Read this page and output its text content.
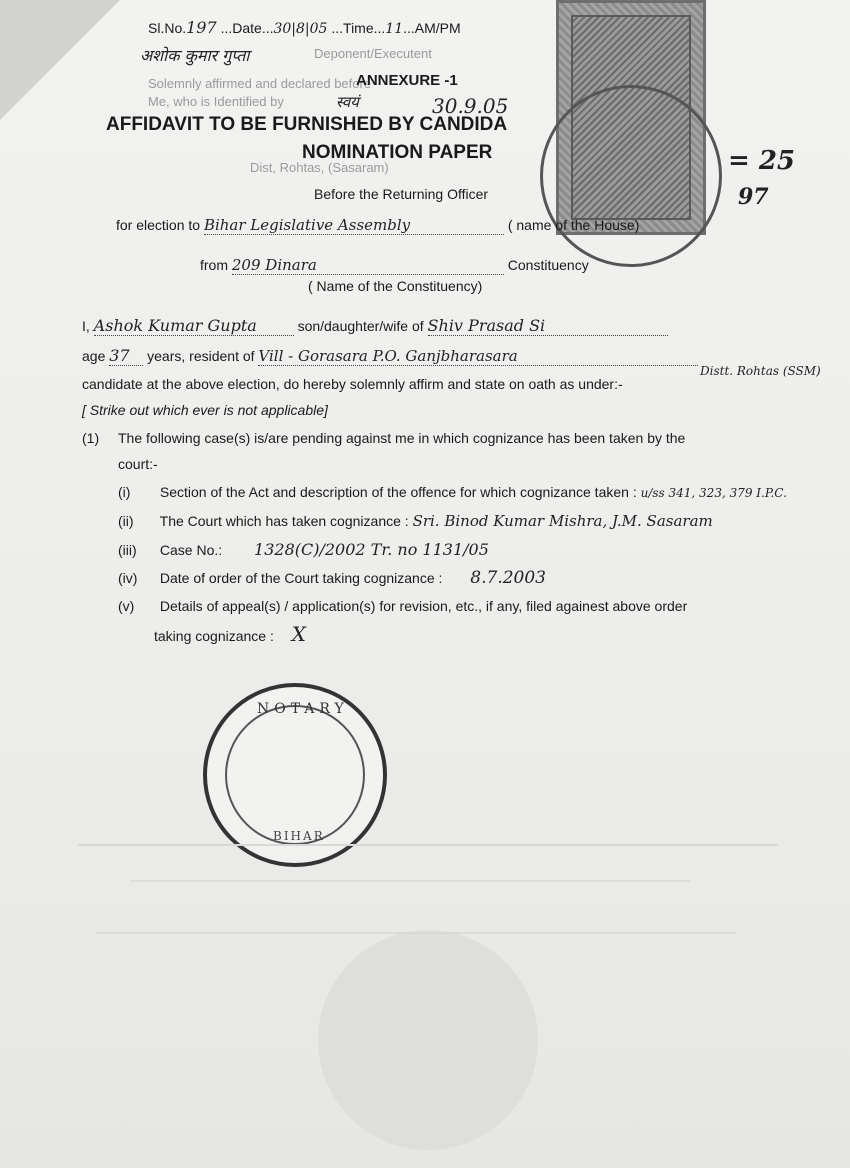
Sl.No.197 ...Date...30|8|05 ...Time...11...AM/PM
अशोक कुमार गुप्ता	Deponent/Executent
Solemnly affirmed and declared before
Me, who is Identified by	स्वयं	30.9.05
Dist, Rohtas, (Sasaram)
ANNEXURE -1
AFFIDAVIT TO BE FURNISHED BY CANDIDA
NOMINATION PAPER
Before the Returning Officer
for election to Bihar Legislative Assembly	( name of the House)
from 209 Dinara	Constituency
( Name of the Constituency)
I, Ashok Kumar Gupta	son/daughter/wife of Shiv Prasad Si
age 37 years, resident of Vill - Gorasara P.O. Ganjbharasara
Distt. Rohtas (SSM)
candidate at the above election, do hereby solemnly affirm and state on oath as under:-
[ Strike out which ever is not applicable]
(1) The following case(s) is/are pending against me in which cognizance has been taken by the
court:-
(i) Section of the Act and description of the offence for which cognizance taken : u/ss 341, 323, 379 I.P.C.
(ii) The Court which has taken cognizance : Sri. Binod Kumar Mishra, J.M. Sasaram
(iii) Case No.: 1328(C)/2002 Tr. no 1131/05
(iv) Date of order of the Court taking cognizance : 8.7.2003
(v) Details of appeal(s) / application(s) for revision, etc., if any, filed againest above order
taking cognizance : X
= 25
97
NOTARY
BIHAR
